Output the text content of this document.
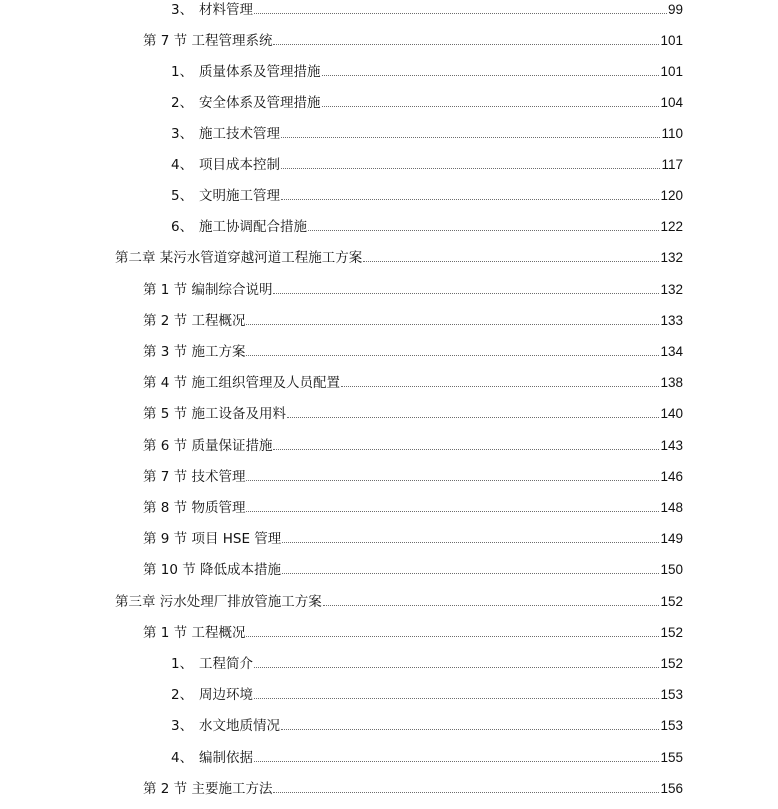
3、 材料管理	99
第 7 节 工程管理系统	101
1、 质量体系及管理措施	101
2、 安全体系及管理措施	104
3、 施工技术管理	110
4、 项目成本控制	117
5、 文明施工管理	120
6、 施工协调配合措施	122
第二章 某污水管道穿越河道工程施工方案	132
第 1 节 编制综合说明	132
第 2 节 工程概况	133
第 3 节 施工方案	134
第 4 节 施工组织管理及人员配置	138
第 5 节 施工设备及用料	140
第 6 节 质量保证措施	143
第 7 节 技术管理	146
第 8 节 物质管理	148
第 9 节 项目 HSE 管理	149
第 10 节 降低成本措施	150
第三章 污水处理厂排放管施工方案	152
第 1 节 工程概况	152
1、 工程简介	152
2、 周边环境	153
3、 水文地质情况	153
4、 编制依据	155
第 2 节 主要施工方法	156
